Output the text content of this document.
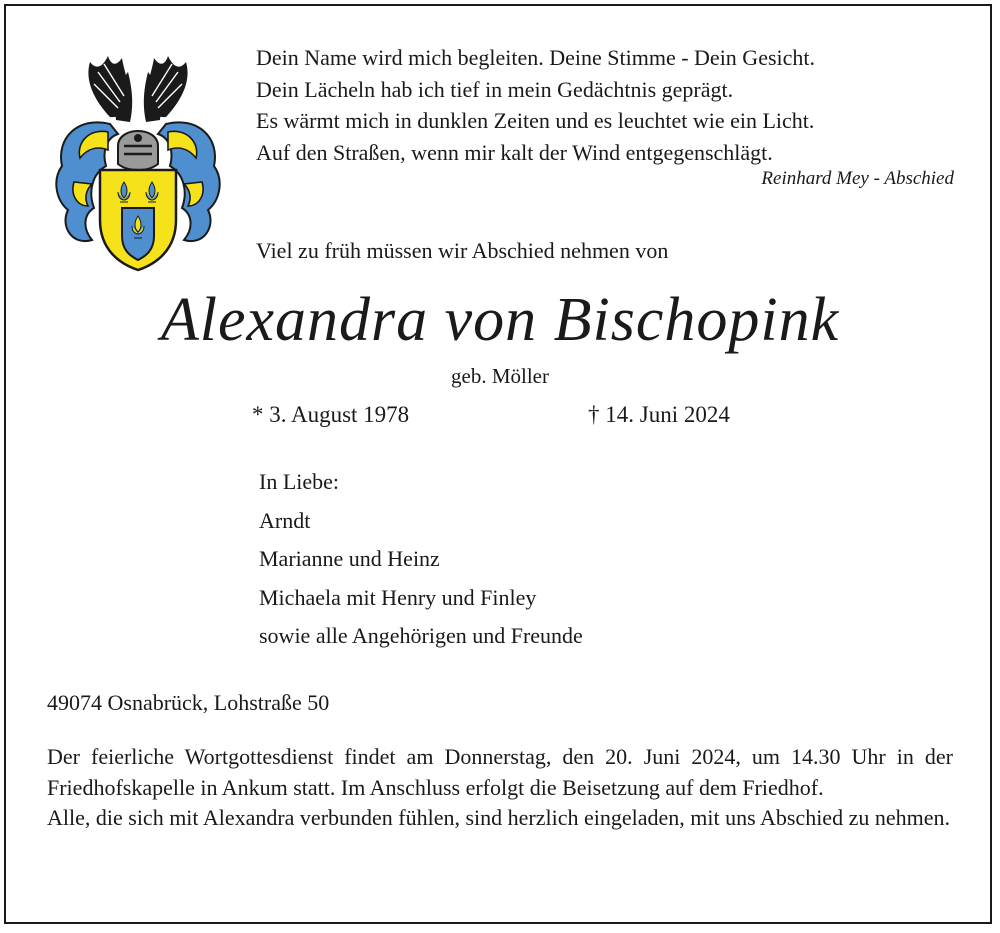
Dein Name wird mich begleiten. Deine Stimme - Dein Gesicht.
Dein Lächeln hab ich tief in mein Gedächtnis geprägt.
Es wärmt mich in dunklen Zeiten und es leuchtet wie ein Licht.
Auf den Straßen, wenn mir kalt der Wind entgegenschlägt.
Reinhard Mey - Abschied
Viel zu früh müssen wir Abschied nehmen von
Alexandra von Bischopink
geb. Möller
* 3. August 1978	† 14. Juni 2024
In Liebe:
Arndt
Marianne und Heinz
Michaela mit Henry und Finley
sowie alle Angehörigen und Freunde
49074 Osnabrück, Lohstraße 50

Der feierliche Wortgottesdienst findet am Donnerstag, den 20. Juni 2024, um 14.30 Uhr in der Friedhofskapelle in Ankum statt. Im Anschluss erfolgt die Beisetzung auf dem Friedhof.

Alle, die sich mit Alexandra verbunden fühlen, sind herzlich eingeladen, mit uns Abschied zu nehmen.
